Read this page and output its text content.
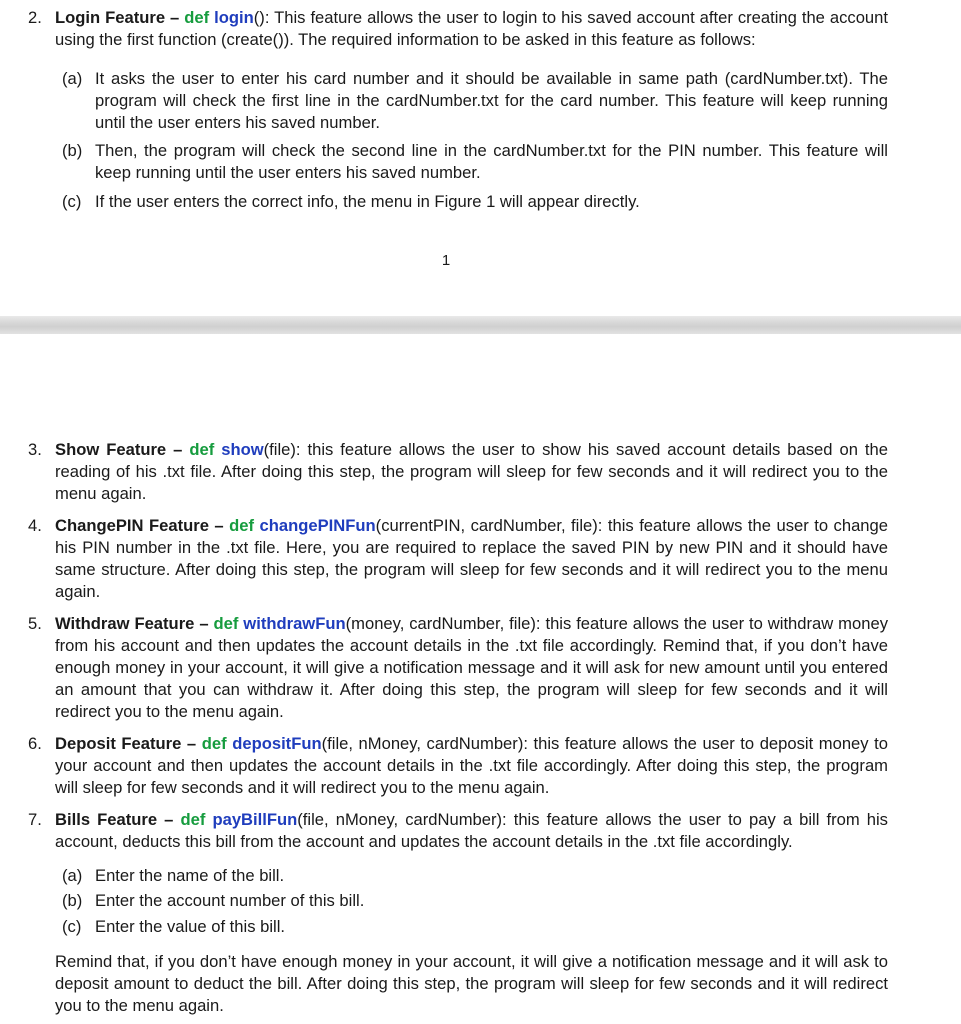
2. Login Feature – def login(): This feature allows the user to login to his saved account after creating the account using the first function (create()). The required information to be asked in this feature as follows:
(a) It asks the user to enter his card number and it should be available in same path (cardNumber.txt). The program will check the first line in the cardNumber.txt for the card number. This feature will keep running until the user enters his saved number.
(b) Then, the program will check the second line in the cardNumber.txt for the PIN number. This feature will keep running until the user enters his saved number.
(c) If the user enters the correct info, the menu in Figure 1 will appear directly.
1
3. Show Feature – def show(file): this feature allows the user to show his saved account details based on the reading of his .txt file. After doing this step, the program will sleep for few seconds and it will redirect you to the menu again.
4. ChangePIN Feature – def changePINFun(currentPIN, cardNumber, file): this feature allows the user to change his PIN number in the .txt file. Here, you are required to replace the saved PIN by new PIN and it should have same structure. After doing this step, the program will sleep for few seconds and it will redirect you to the menu again.
5. Withdraw Feature – def withdrawFun(money, cardNumber, file): this feature allows the user to withdraw money from his account and then updates the account details in the .txt file accordingly. Remind that, if you don’t have enough money in your account, it will give a notification message and it will ask for new amount until you entered an amount that you can withdraw it. After doing this step, the program will sleep for few seconds and it will redirect you to the menu again.
6. Deposit Feature – def depositFun(file, nMoney, cardNumber): this feature allows the user to deposit money to your account and then updates the account details in the .txt file accordingly. After doing this step, the program will sleep for few seconds and it will redirect you to the menu again.
7. Bills Feature – def payBillFun(file, nMoney, cardNumber): this feature allows the user to pay a bill from his account, deducts this bill from the account and updates the account details in the .txt file accordingly.
(a) Enter the name of the bill.
(b) Enter the account number of this bill.
(c) Enter the value of this bill.
Remind that, if you don’t have enough money in your account, it will give a notification message and it will ask to deposit amount to deduct the bill. After doing this step, the program will sleep for few seconds and it will redirect you to the menu again.
